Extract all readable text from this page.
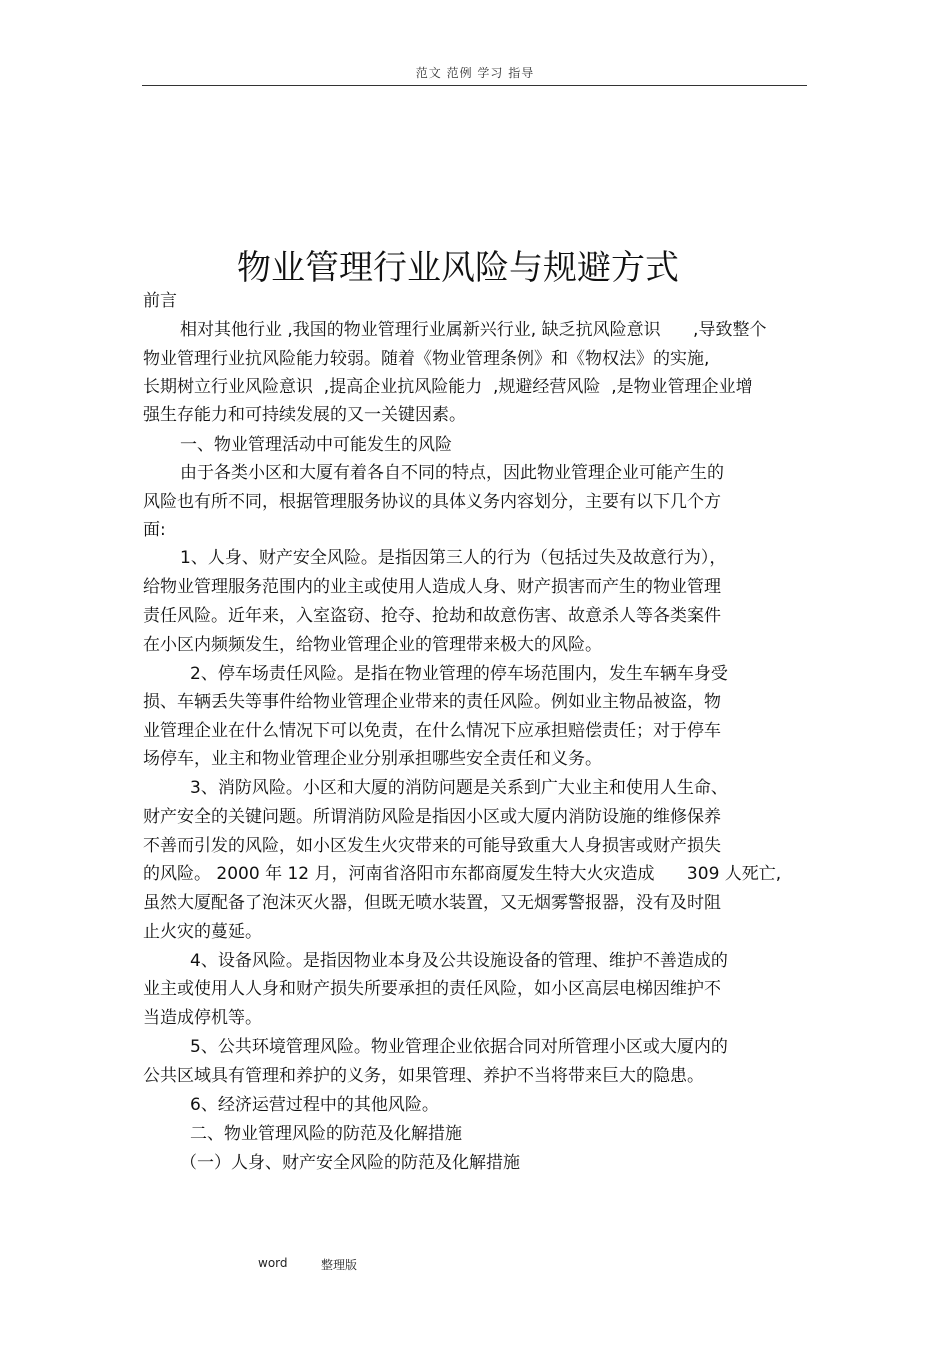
范文 范例 学习 指导
物业管理行业风险与规避方式
前言
相对其他行业 ,我国的物业管理行业属新兴行业, 缺乏抗风险意识      ,导致整个
物业管理行业抗风险能力较弱。随着《物业管理条例》和《物权法》的实施,
长期树立行业风险意识  ,提高企业抗风险能力  ,规避经营风险  ,是物业管理企业增
强生存能力和可持续发展的又一关键因素。
一、物业管理活动中可能发生的风险
由于各类小区和大厦有着各自不同的特点，因此物业管理企业可能产生的
风险也有所不同，根据管理服务协议的具体义务内容划分，主要有以下几个方
面:
1、人身、财产安全风险。是指因第三人的行为（包括过失及故意行为），
给物业管理服务范围内的业主或使用人造成人身、财产损害而产生的物业管理
责任风险。近年来，入室盗窃、抢夺、抢劫和故意伤害、故意杀人等各类案件
在小区内频频发生，给物业管理企业的管理带来极大的风险。
2、停车场责任风险。是指在物业管理的停车场范围内，发生车辆车身受
损、车辆丢失等事件给物业管理企业带来的责任风险。例如业主物品被盗，物
业管理企业在什么情况下可以免责，在什么情况下应承担赔偿责任；对于停车
场停车，业主和物业管理企业分别承担哪些安全责任和义务。
3、消防风险。小区和大厦的消防问题是关系到广大业主和使用人生命、
财产安全的关键问题。所谓消防风险是指因小区或大厦内消防设施的维修保养
不善而引发的风险，如小区发生火灾带来的可能导致重大人身损害或财产损失
的风险。 2000 年 12 月，河南省洛阳市东都商厦发生特大火灾造成      309 人死亡,
虽然大厦配备了泡沫灭火器，但既无喷水装置，又无烟雾警报器，没有及时阻
止火灾的蔓延。
4、设备风险。是指因物业本身及公共设施设备的管理、维护不善造成的
业主或使用人人身和财产损失所要承担的责任风险，如小区高层电梯因维护不
当造成停机等。
5、公共环境管理风险。物业管理企业依据合同对所管理小区或大厦内的
公共区域具有管理和养护的义务，如果管理、养护不当将带来巨大的隐患。
6、经济运营过程中的其他风险。
二、物业管理风险的防范及化解措施
（一）人身、财产安全风险的防范及化解措施
word	整理版
